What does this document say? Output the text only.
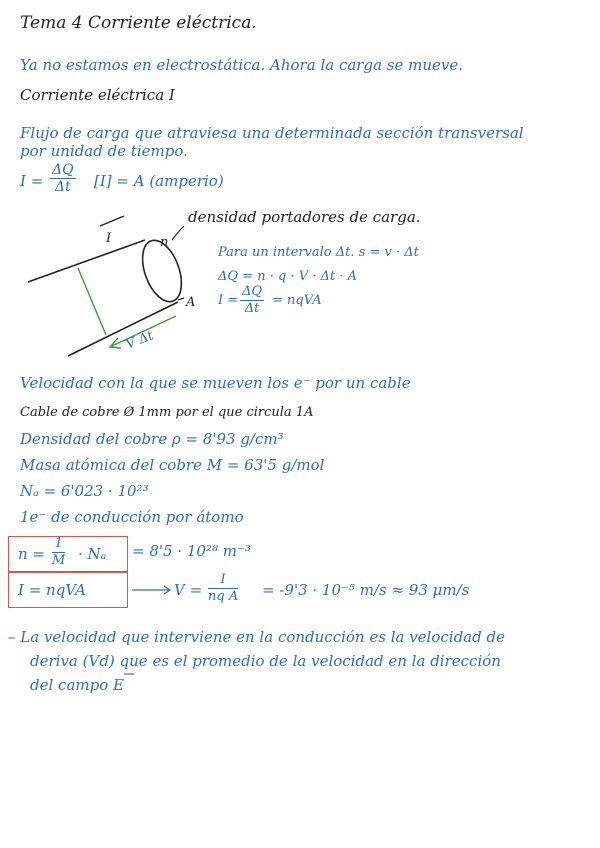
Tema 4 Corriente eléctrica.
Ya no estamos en electrostática. Ahora la carga se mueve.
Corriente eléctrica I
Flujo de carga que atraviesa una determinada sección transversal
por unidad de tiempo.
$I = \frac{\Delta Q}{\Delta t} [I] = A$ (amperio)
I	n
densidad portadores de carga.
A
V Δt
Para un intervalo Δt. s = v · Δt
ΔQ = n · q · V · Δt · A
$I = \frac{\Delta Q}{\Delta t}$ = nqVA
Velocidad con la que se mueven los e⁻ por un cable
Cable de cobre Ø 1mm por el que circula 1A
Densidad del cobre ρ = 8'93 g/cm³
Masa atómica del cobre M = 63'5 g/mol
Nₐ = 6'023 · 10²³
1e⁻ de conducción por átomo
$n = \frac{1}{M} \cdot N_a = 8'5 \cdot 10^{28}$ m⁻³
I = nqVA	$V = \frac{I}{\text{nq A}} = -9'3 \cdot 10^{-5}$ m/s ≈ 93 μm/s
– La velocidad que interviene en la conducción es la velocidad de
deriva (Vd) que es el promedio de la velocidad en la dirección
del campo E
